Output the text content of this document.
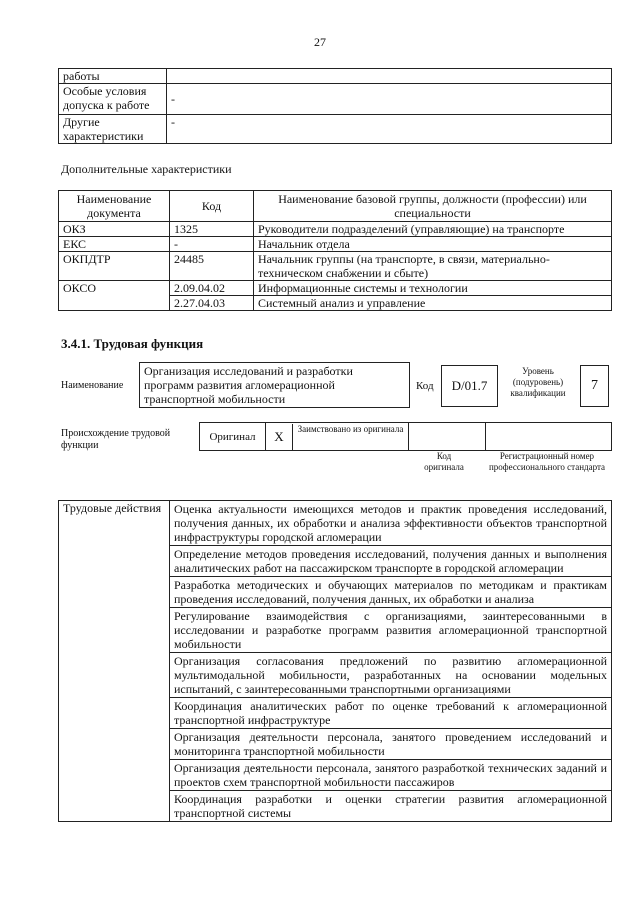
27
работы	
Особые условия допуска к работе	-
Другие характеристики	-
Дополнительные характеристики
Наименование документа	Код	Наименование базовой группы, должности (профессии) или специальности
ОКЗ	1325	Руководители подразделений (управляющие) на транспорте
ЕКС	-	Начальник отдела
ОКПДТР	24485	Начальник группы (на транспорте, в связи, материально-техническом снабжении и сбыте)
ОКСО	2.09.04.02	Информационные системы и технологии
	2.27.04.03	Системный анализ и управление
3.4.1. Трудовая функция
Наименование
Организация исследований и разработки программ развития агломерационной транспортной мобильности
Код D/01.7
Уровень (подуровень) квалификации	7
Происхождение трудовой функции
Оригинал	X	Заимствовано из оригинала
Код оригинала
Регистрационный номер профессионального стандарта
Трудовые действия	Оценка актуальности имеющихся методов и практик проведения исследований, получения данных, их обработки и анализа эффективности объектов транспортной инфраструктуры городской агломерации
Определение методов проведения исследований, получения данных и выполнения аналитических работ на пассажирском транспорте в городской агломерации
Разработка методических и обучающих материалов по методикам и практикам проведения исследований, получения данных, их обработки и анализа
Регулирование взаимодействия с организациями, заинтересованными в исследовании и разработке программ развития агломерационной транспортной мобильности
Организация согласования предложений по развитию агломерационной мультимодальной мобильности, разработанных на основании модельных испытаний, с заинтересованными транспортными организациями
Координация аналитических работ по оценке требований к агломерационной транспортной инфраструктуре
Организация деятельности персонала, занятого проведением исследований и мониторинга транспортной мобильности
Организация деятельности персонала, занятого разработкой технических заданий и проектов схем транспортной мобильности пассажиров
Координация разработки и оценки стратегии развития агломерационной транспортной системы
